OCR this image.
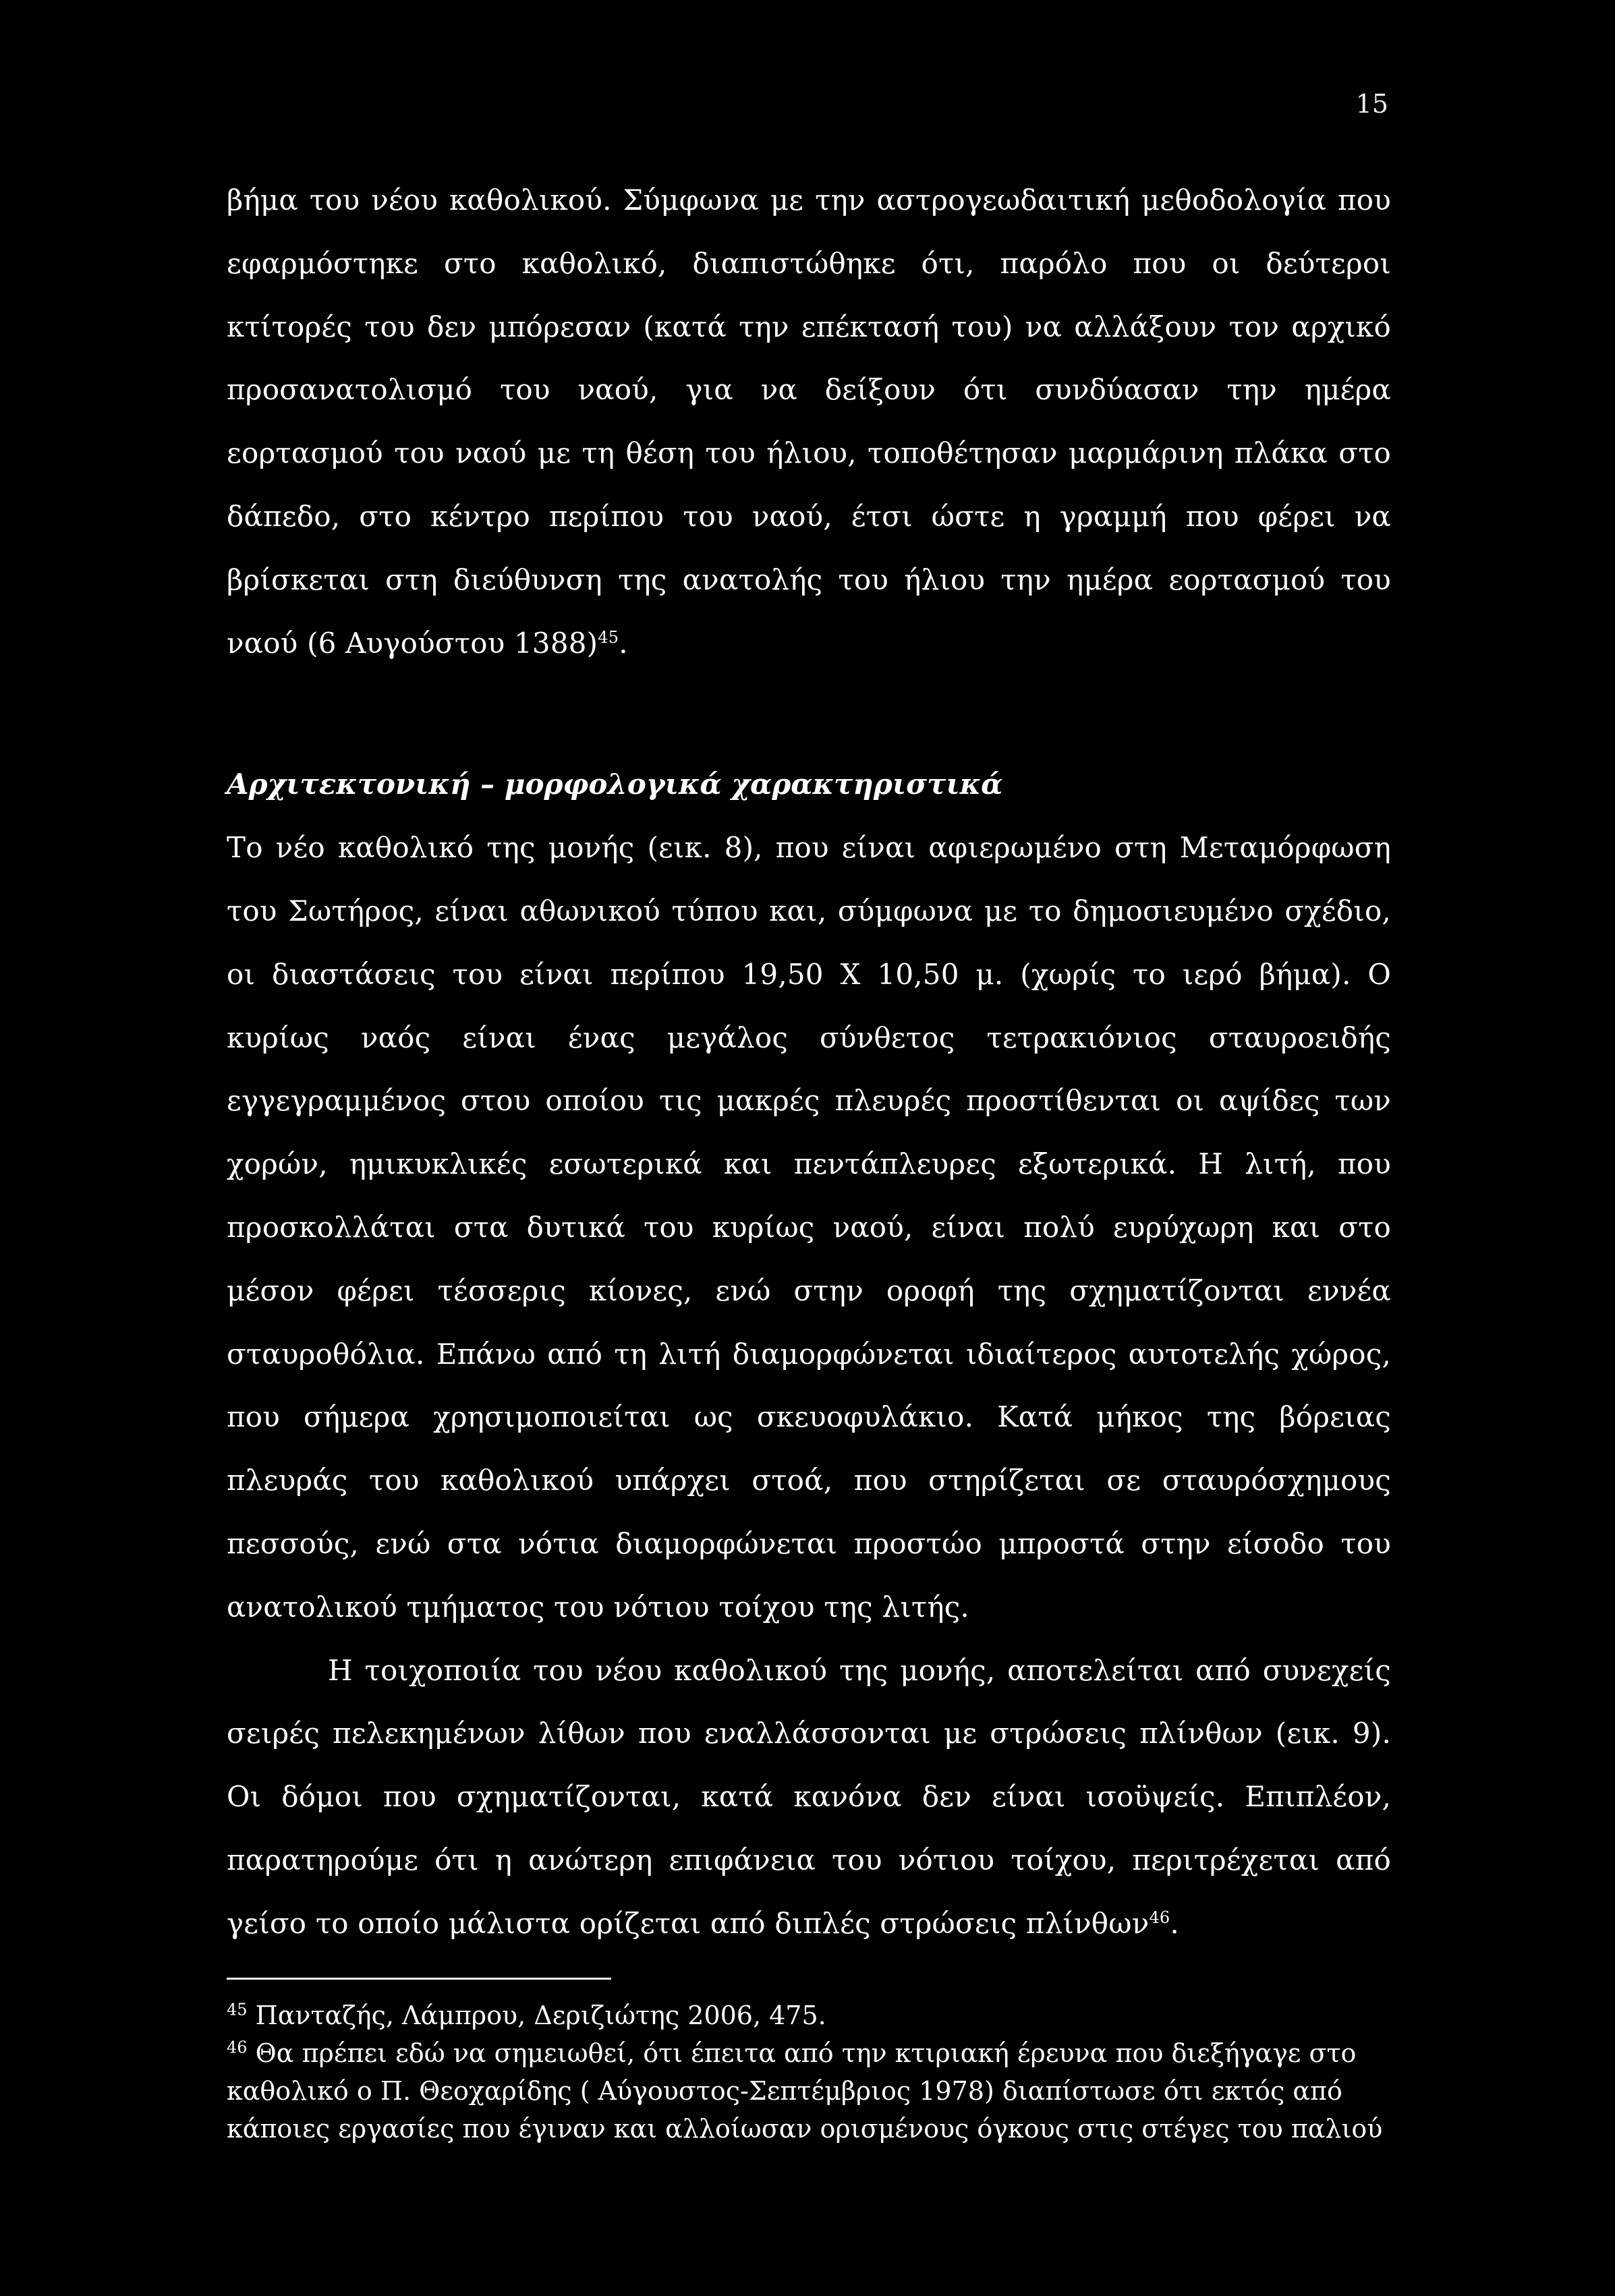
15

βήμα του νέου καθολικού. Σύμφωνα με την αστρογεωδαιτική μεθοδολογία που εφαρμόστηκε στο καθολικό, διαπιστώθηκε ότι, παρόλο που οι δεύτεροι κτίτορές του δεν μπόρεσαν (κατά την επέκτασή του) να αλλάξουν τον αρχικό προσανατολισμό του ναού, για να δείξουν ότι συνδύασαν την ημέρα εορτασμού του ναού με τη θέση του ήλιου, τοποθέτησαν μαρμάρινη πλάκα στο δάπεδο, στο κέντρο περίπου του ναού, έτσι ώστε η γραμμή που φέρει να βρίσκεται στη διεύθυνση της ανατολής του ήλιου την ημέρα εορτασμού του ναού (6 Αυγούστου 1388)$^{45}$.

Αρχιτεκτονική – μορφολογικά χαρακτηριστικά

Το νέο καθολικό της μονής (εικ. 8), που είναι αφιερωμένο στη Μεταμόρφωση του Σωτήρος, είναι αθωνικού τύπου και, σύμφωνα με το δημοσιευμένο σχέδιο, οι διαστάσεις του είναι περίπου 19,50 Χ 10,50 μ. (χωρίς το ιερό βήμα). Ο κυρίως ναός είναι ένας μεγάλος σύνθετος τετρακιόνιος σταυροειδής εγγεγραμμένος στου οποίου τις μακρές πλευρές προστίθενται οι αψίδες των χορών, ημικυκλικές εσωτερικά και πεντάπλευρες εξωτερικά. Η λιτή, που προσκολλάται στα δυτικά του κυρίως ναού, είναι πολύ ευρύχωρη και στο μέσον φέρει τέσσερις κίονες, ενώ στην οροφή της σχηματίζονται εννέα σταυροθόλια. Επάνω από τη λιτή διαμορφώνεται ιδιαίτερος αυτοτελής χώρος, που σήμερα χρησιμοποιείται ως σκευοφυλάκιο. Κατά μήκος της βόρειας πλευράς του καθολικού υπάρχει στοά, που στηρίζεται σε σταυρόσχημους πεσσούς, ενώ στα νότια διαμορφώνεται προστώο μπροστά στην είσοδο του ανατολικού τμήματος του νότιου τοίχου της λιτής.

Η τοιχοποιία του νέου καθολικού της μονής, αποτελείται από συνεχείς σειρές πελεκημένων λίθων που εναλλάσσονται με στρώσεις πλίνθων (εικ. 9). Οι δόμοι που σχηματίζονται, κατά κανόνα δεν είναι ισοϋψείς. Επιπλέον, παρατηρούμε ότι η ανώτερη επιφάνεια του νότιου τοίχου, περιτρέχεται από γείσο το οποίο μάλιστα ορίζεται από διπλές στρώσεις πλίνθων$^{46}$.

$^{45}$ Πανταζής, Λάμπρου, Δεριζιώτης 2006, 475.

$^{46}$ Θα πρέπει εδώ να σημειωθεί, ότι έπειτα από την κτιριακή έρευνα που διεξήγαγε στο καθολικό ο Π. Θεοχαρίδης ( Αύγουστος-Σεπτέμβριος 1978) διαπίστωσε ότι εκτός από κάποιες εργασίες που έγιναν και αλλοίωσαν ορισμένους όγκους στις στέγες του παλιού
